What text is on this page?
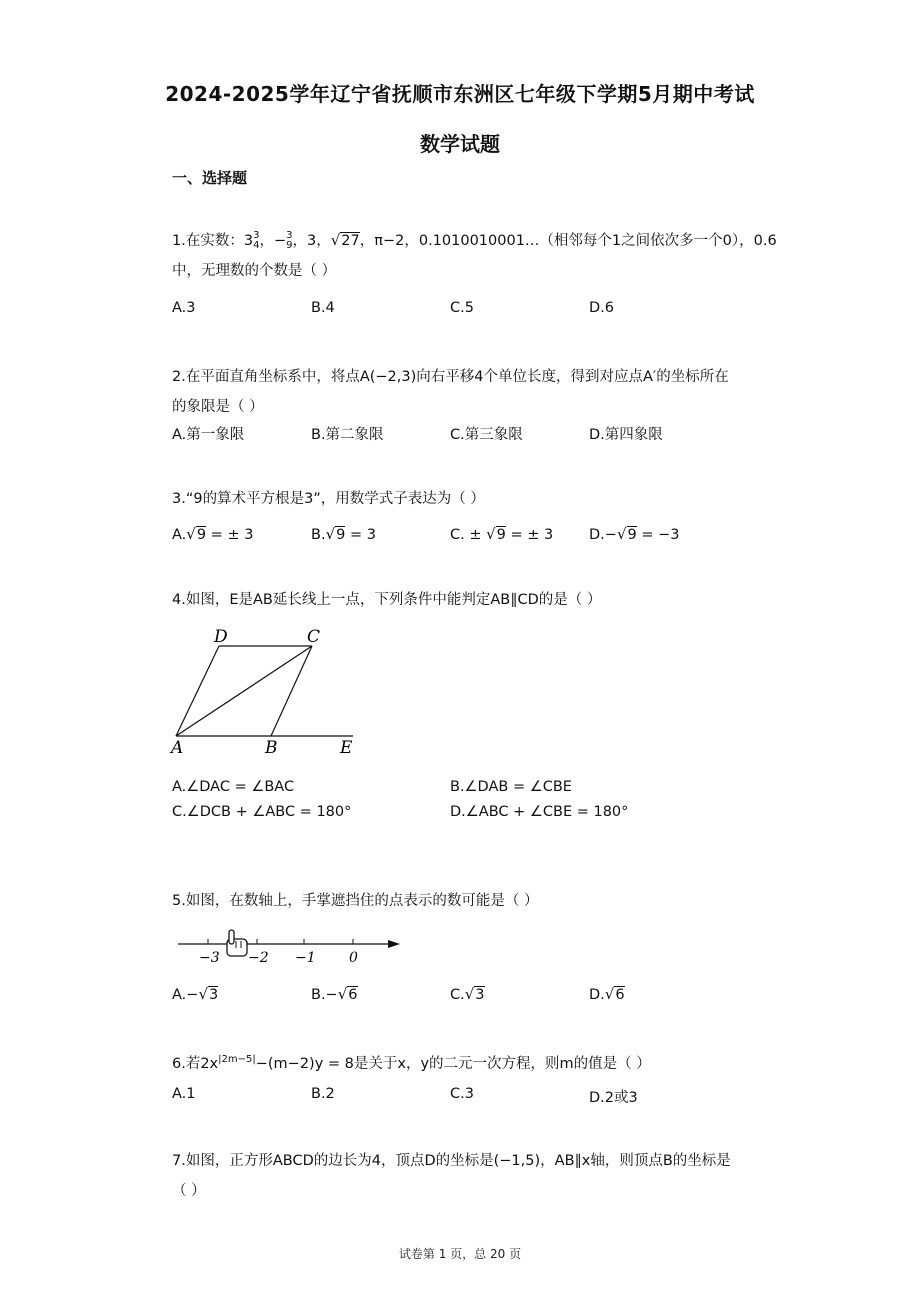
2024-2025学年辽宁省抚顺市东洲区七年级下学期5月期中考试
数学试题
一、选择题
1.在实数：3 3
4 ，− 3
9 ，3，√27，π−2，0.1010010001…（相邻每个1之间依次多一个0），0.6
中，无理数的个数是（ ）
A.3	B.4	C.5	D.6
2.在平面直角坐标系中，将点A(−2,3)向右平移4个单位长度，得到对应点A′的坐标所在
的象限是（ ）
A.第一象限	B.第二象限	C.第三象限	D.第四象限
3.“9的算术平方根是3”，用数学式子表达为（ ）
A.√9 = ± 3	B.√9 = 3	C. ± √9 = ± 3 D.−√9 = −3
4.如图，E是AB延长线上一点，下列条件中能判定AB∥CD的是（ ）
D	C
A	B	E
A.∠DAC = ∠BAC	B.∠DAB = ∠CBE
C.∠DCB + ∠ABC = 180°	D.∠ABC + ∠CBE = 180°
5.如图，在数轴上，手掌遮挡住的点表示的数可能是（ ）
−3 −2 −1 0
A.−√3	B.−√6	C.√3	D.√6
6.若$2x^{|2m-5|}-(m-2)y = 8$是关于x，y的二元一次方程，则m的值是（ ）
A.1	B.2	C.3	D.2或3
7.如图，正方形ABCD的边长为4，顶点D的坐标是(−1,5)，AB∥x轴，则顶点B的坐标是
（ ）
试卷第 1 页，总 20 页
